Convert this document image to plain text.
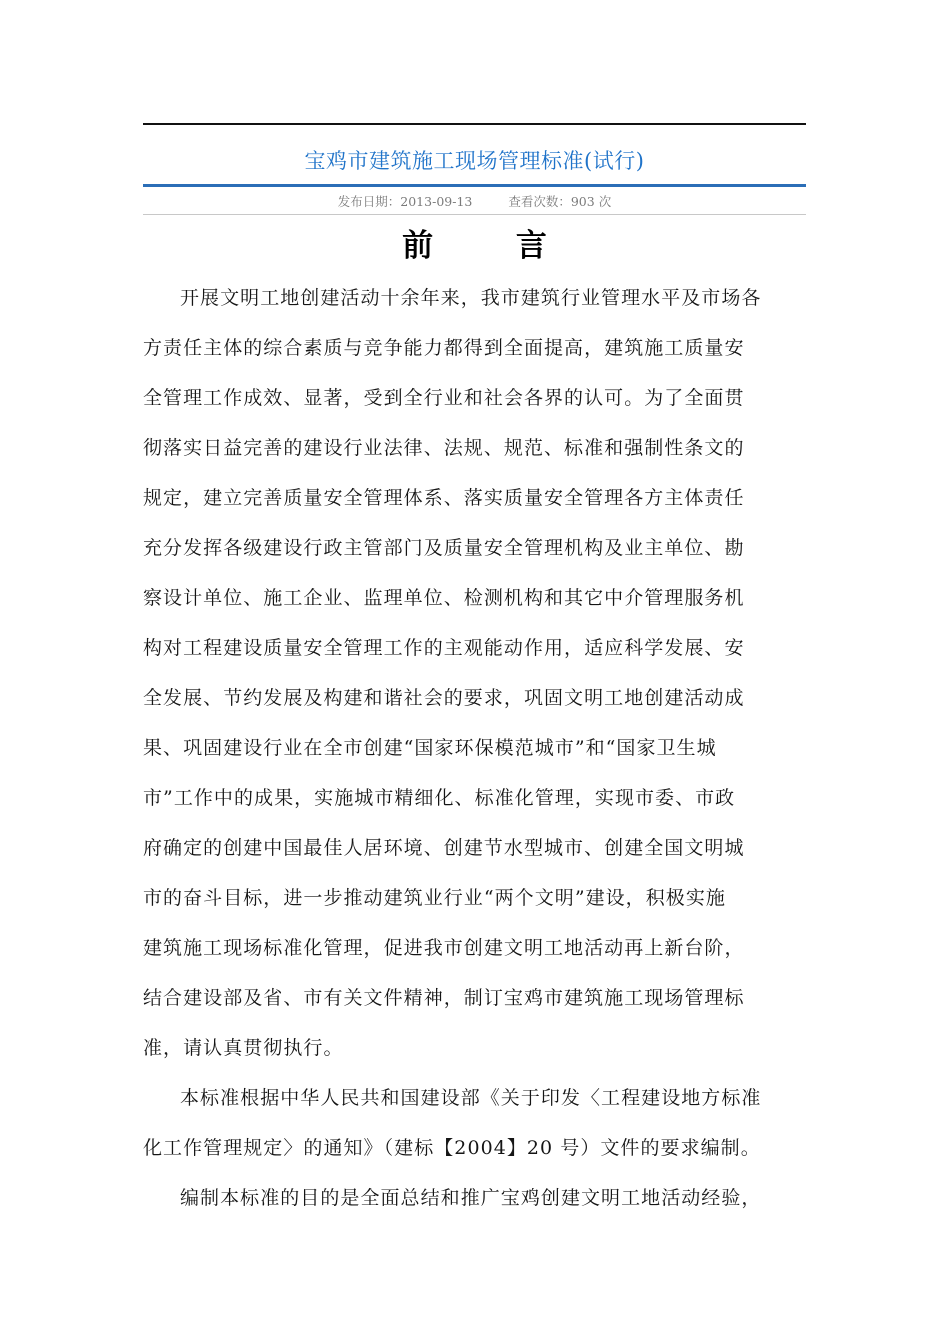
宝鸡市建筑施工现场管理标准(试行)
发布日期：2013-09-13	查看次数：903 次
前 言

开展文明工地创建活动十余年来，我市建筑行业管理水平及市场各
方责任主体的综合素质与竞争能力都得到全面提高，建筑施工质量安
全管理工作成效、显著，受到全行业和社会各界的认可。为了全面贯
彻落实日益完善的建设行业法律、法规、规范、标准和强制性条文的
规定，建立完善质量安全管理体系、落实质量安全管理各方主体责任
充分发挥各级建设行政主管部门及质量安全管理机构及业主单位、勘
察设计单位、施工企业、监理单位、检测机构和其它中介管理服务机
构对工程建设质量安全管理工作的主观能动作用，适应科学发展、安
全发展、节约发展及构建和谐社会的要求，巩固文明工地创建活动成
果、巩固建设行业在全市创建“国家环保模范城市”和“国家卫生城
市”工作中的成果，实施城市精细化、标准化管理，实现市委、市政
府确定的创建中国最佳人居环境、创建节水型城市、创建全国文明城
市的奋斗目标，进一步推动建筑业行业“两个文明”建设，积极实施
建筑施工现场标准化管理，促进我市创建文明工地活动再上新台阶，
结合建设部及省、市有关文件精神，制订宝鸡市建筑施工现场管理标
准，请认真贯彻执行。

本标准根据中华人民共和国建设部《关于印发〈工程建设地方标准
化工作管理规定〉的通知》（建标【2004】20 号）文件的要求编制。

编制本标准的目的是全面总结和推广宝鸡创建文明工地活动经验，
